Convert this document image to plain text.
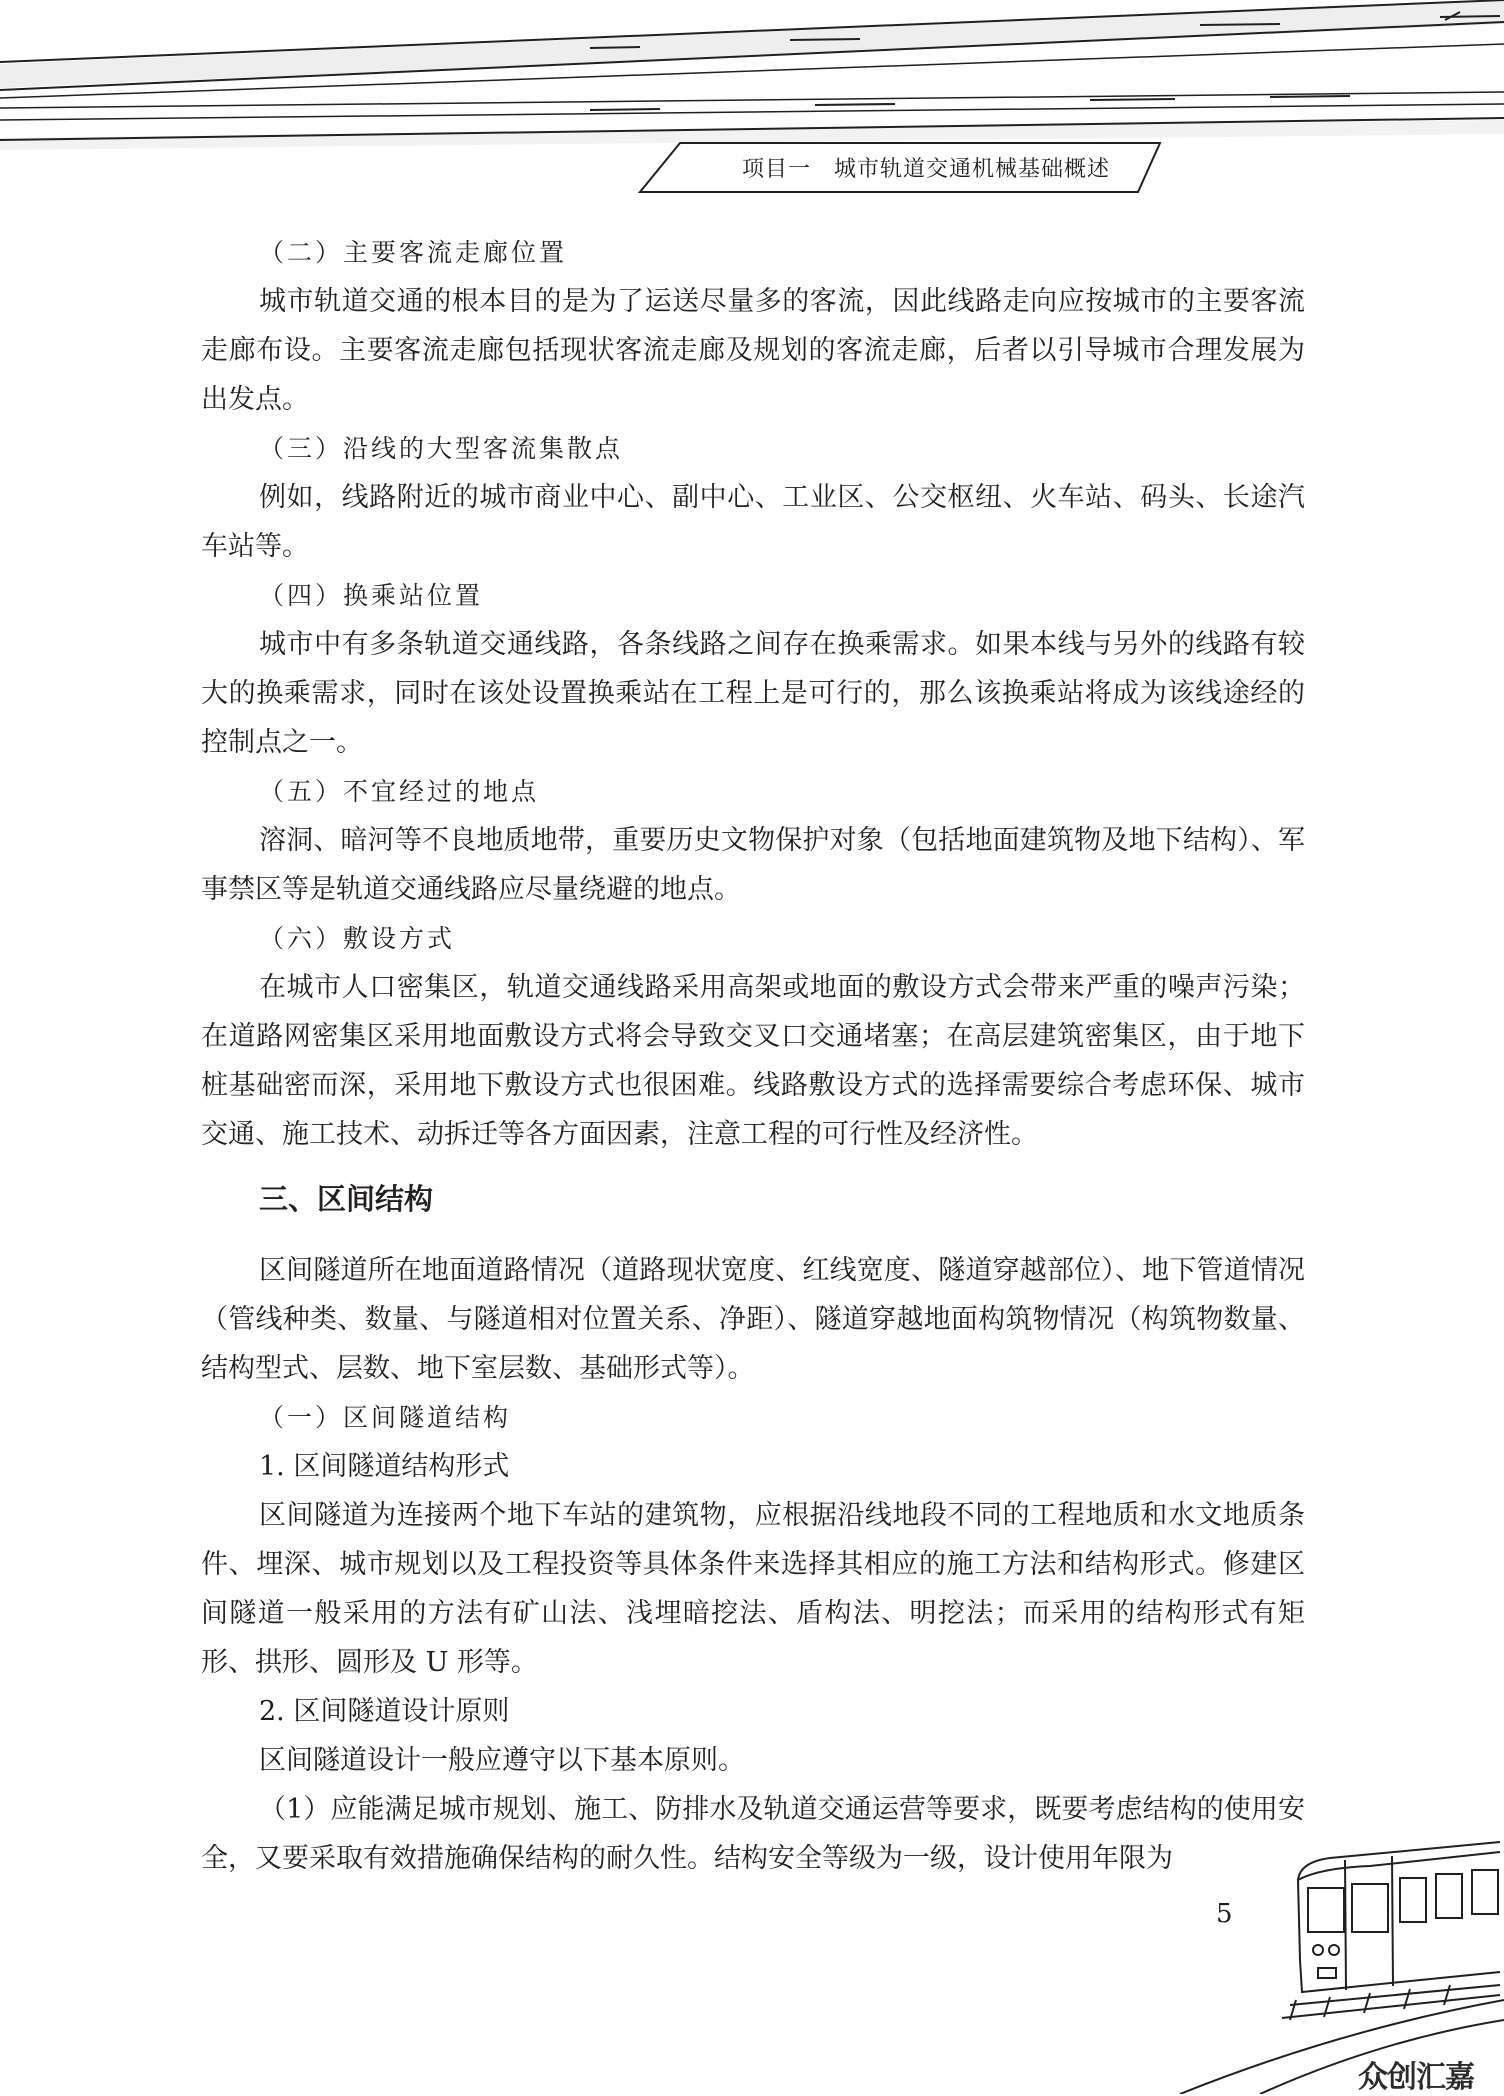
项目一　城市轨道交通机械基础概述

（二）主要客流走廊位置

城市轨道交通的根本目的是为了运送尽量多的客流，因此线路走向应按城市的主要客流走廊布设。主要客流走廊包括现状客流走廊及规划的客流走廊，后者以引导城市合理发展为出发点。

（三）沿线的大型客流集散点

例如，线路附近的城市商业中心、副中心、工业区、公交枢纽、火车站、码头、长途汽车站等。

（四）换乘站位置

城市中有多条轨道交通线路，各条线路之间存在换乘需求。如果本线与另外的线路有较大的换乘需求，同时在该处设置换乘站在工程上是可行的，那么该换乘站将成为该线途经的控制点之一。

（五）不宜经过的地点

溶洞、暗河等不良地质地带，重要历史文物保护对象（包括地面建筑物及地下结构）、军事禁区等是轨道交通线路应尽量绕避的地点。

（六）敷设方式

在城市人口密集区，轨道交通线路采用高架或地面的敷设方式会带来严重的噪声污染；在道路网密集区采用地面敷设方式将会导致交叉口交通堵塞；在高层建筑密集区，由于地下桩基础密而深，采用地下敷设方式也很困难。线路敷设方式的选择需要综合考虑环保、城市交通、施工技术、动拆迁等各方面因素，注意工程的可行性及经济性。

三、区间结构

区间隧道所在地面道路情况（道路现状宽度、红线宽度、隧道穿越部位）、地下管道情况（管线种类、数量、与隧道相对位置关系、净距）、隧道穿越地面构筑物情况（构筑物数量、结构型式、层数、地下室层数、基础形式等）。

（一）区间隧道结构

1. 区间隧道结构形式

区间隧道为连接两个地下车站的建筑物，应根据沿线地段不同的工程地质和水文地质条件、埋深、城市规划以及工程投资等具体条件来选择其相应的施工方法和结构形式。修建区间隧道一般采用的方法有矿山法、浅埋暗挖法、盾构法、明挖法；而采用的结构形式有矩形、拱形、圆形及 U 形等。

2. 区间隧道设计原则

区间隧道设计一般应遵守以下基本原则。

（1）应能满足城市规划、施工、防排水及轨道交通运营等要求，既要考虑结构的使用安全，又要采取有效措施确保结构的耐久性。结构安全等级为一级，设计使用年限为

5
众创汇嘉
